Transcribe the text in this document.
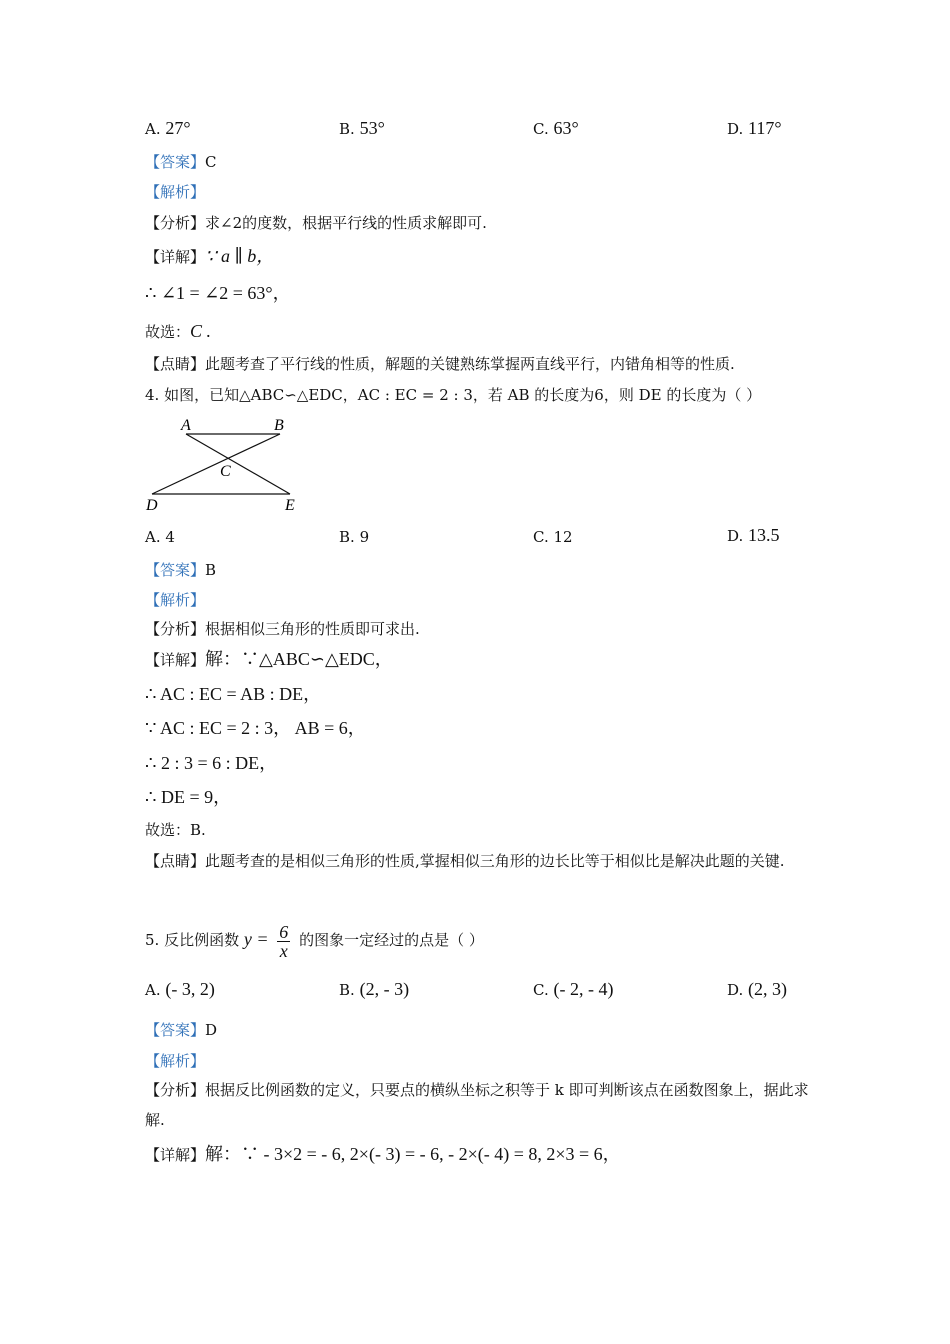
A. 27°	B. 53°	C. 63°	D. 117°
【答案】C
【解析】
【分析】求∠2的度数，根据平行线的性质求解即可.
【详解】∵ a ∥ b，
∴ ∠1 = ∠2 = 63°，
故选：C .
【点睛】此题考查了平行线的性质，解题的关键熟练掌握两直线平行，内错角相等的性质.
4. 如图，已知△ABC∽△EDC，AC : EC = 2 : 3，若 AB 的长度为6，则 DE 的长度为（ ）
A	B
C
D	E
A. 4	B. 9	C. 12	D. 13.5
【答案】B
【解析】
【分析】根据相似三角形的性质即可求出.
【详解】解：∵△ABC∽△EDC，
∴ AC : EC = AB : DE，
∵ AC : EC = 2 : 3， AB = 6，
∴ 2 : 3 = 6 : DE，
∴ DE = 9，
故选：B.
【点睛】此题考查的是相似三角形的性质,掌握相似三角形的边长比等于相似比是解决此题的关键.
5. 反比例函数 $y = \frac{6}{x}$ 的图象一定经过的点是（ ）
A. (- 3, 2)	B. (2, - 3)	C. (- 2, - 4)	D. (2, 3)
【答案】D
【解析】
【分析】根据反比例函数的定义，只要点的横纵坐标之积等于 k 即可判断该点在函数图象上，据此求解.
【详解】解：∵ - 3×2 = - 6, 2×(- 3) = - 6, - 2×(- 4) = 8, 2×3 = 6，
